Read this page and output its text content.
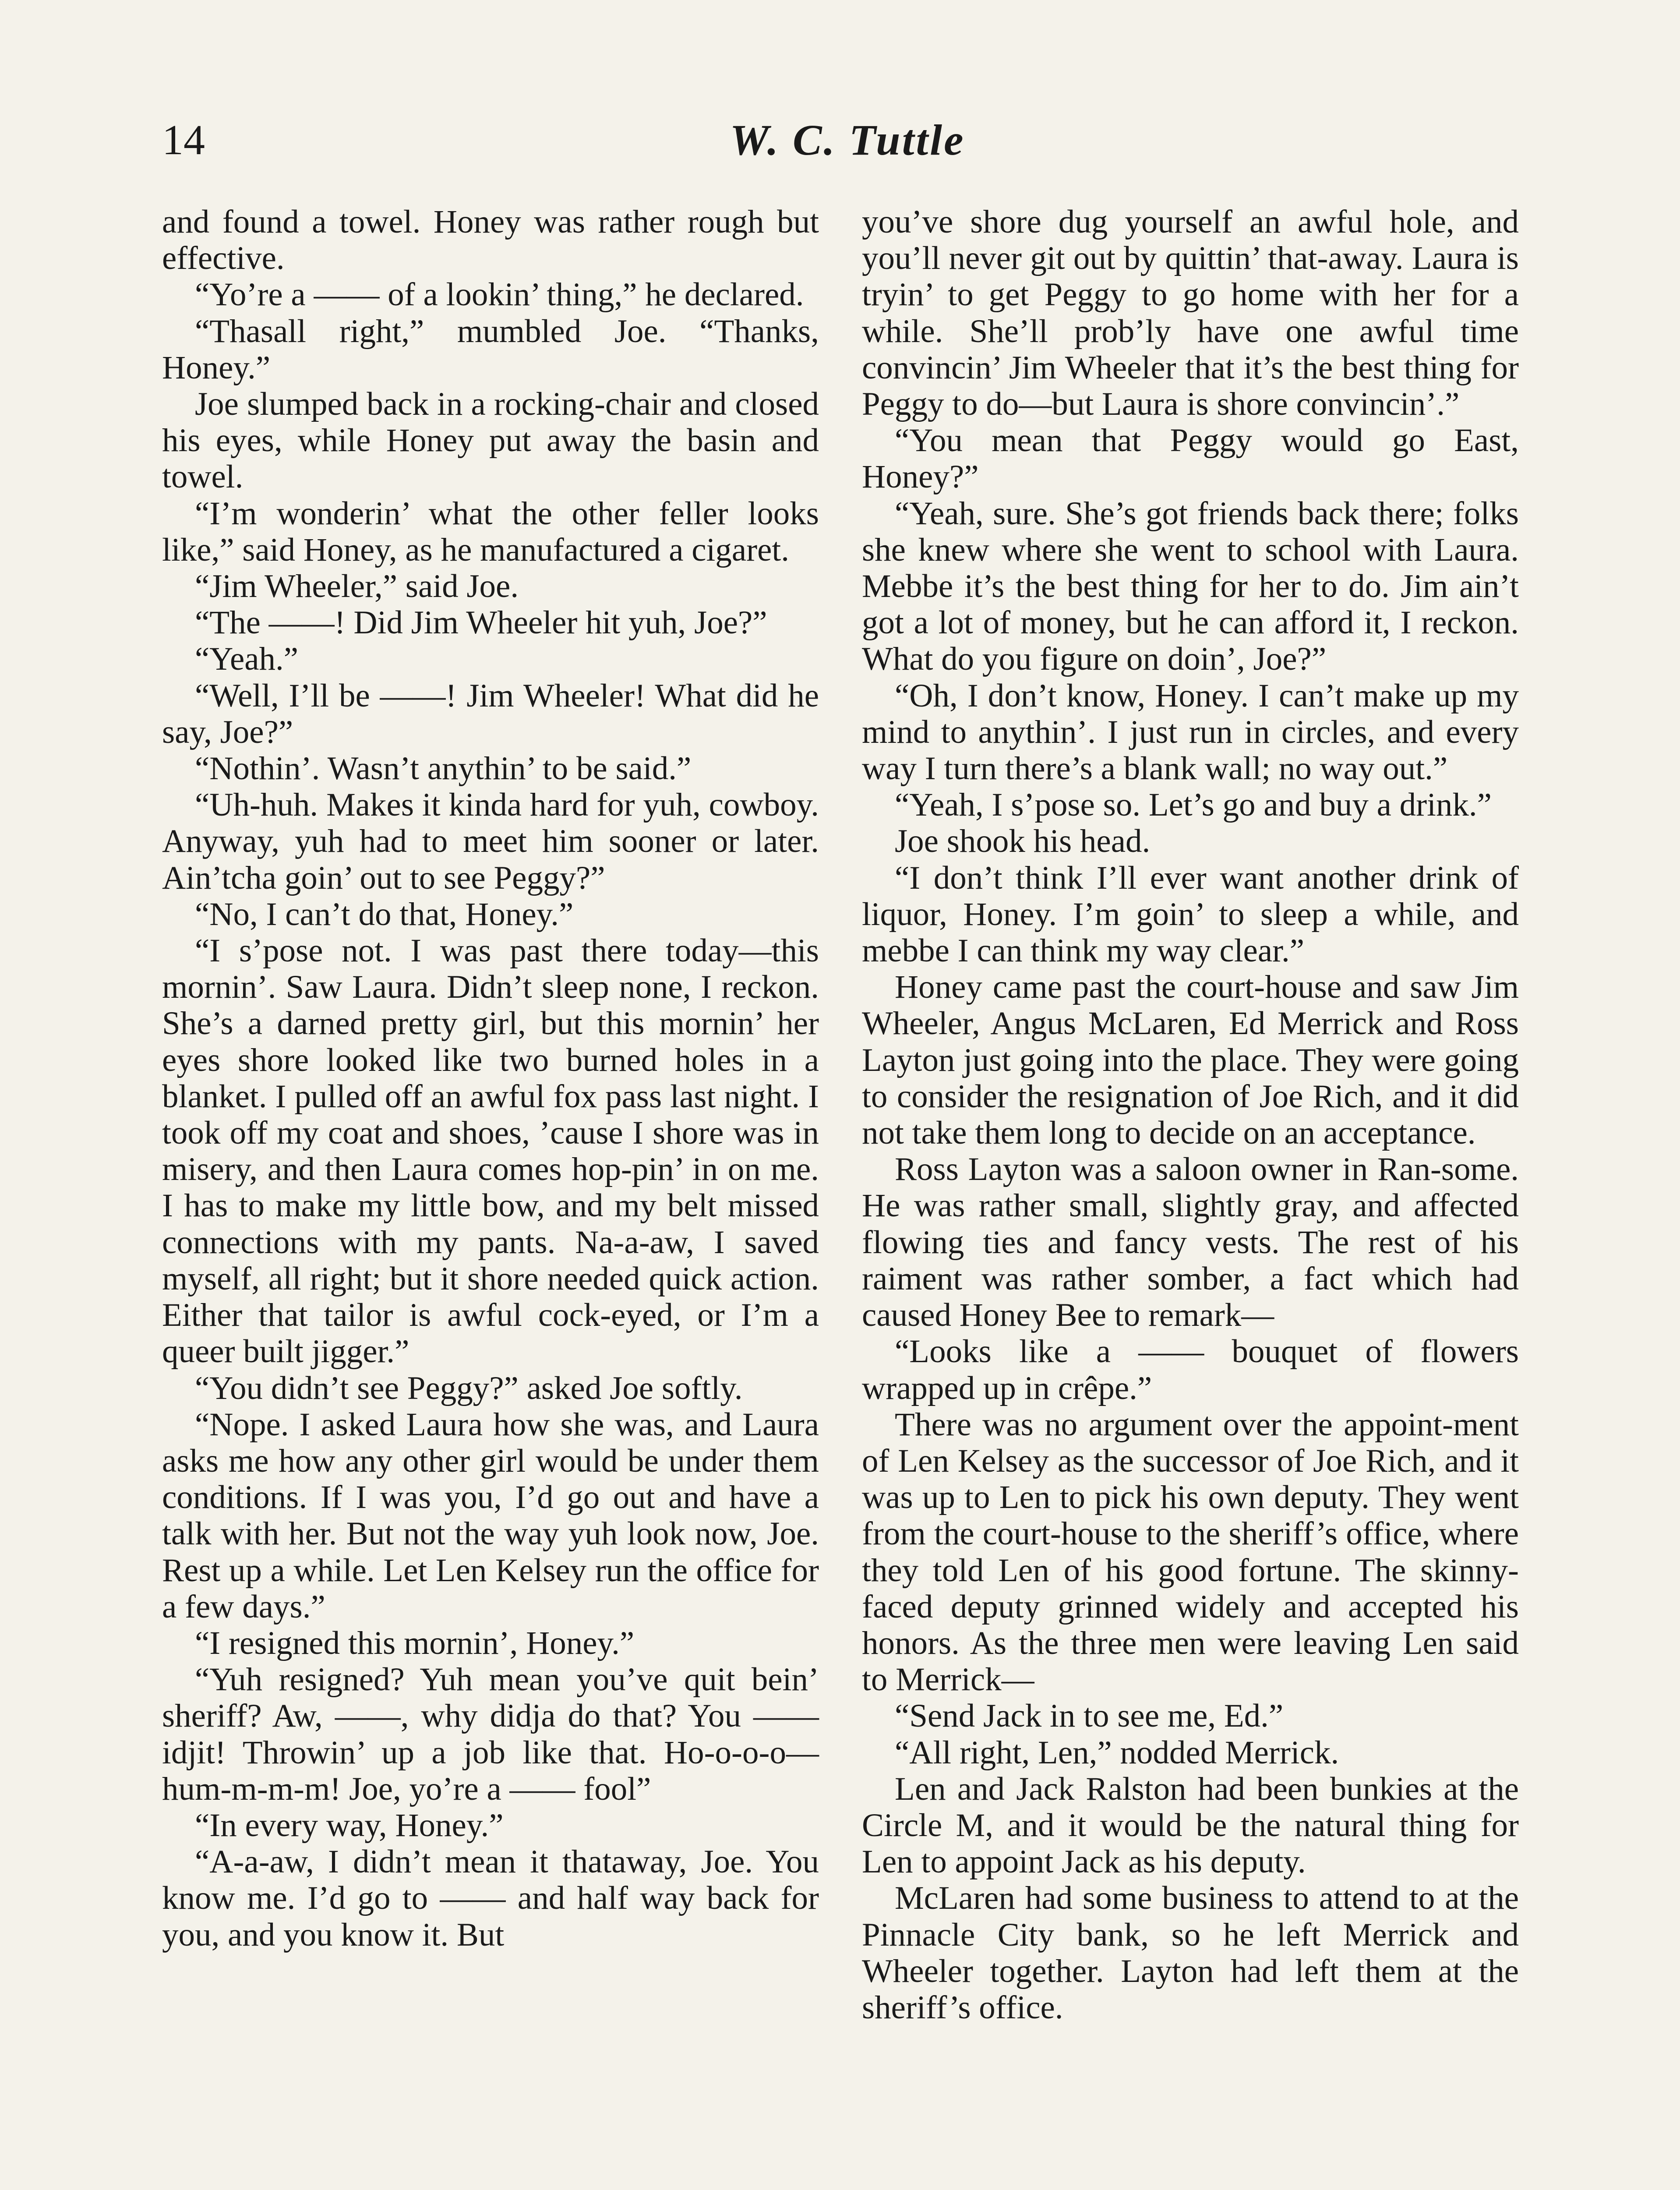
14	W. C. Tuttle

and found a towel. Honey was rather rough but effective.

“Yo’re a —— of a lookin’ thing,” he declared.

“Thasall right,” mumbled Joe. “Thanks, Honey.”

Joe slumped back in a rocking-chair and closed his eyes, while Honey put away the basin and towel.

“I’m wonderin’ what the other feller looks like,” said Honey, as he manufactured a cigaret.

“Jim Wheeler,” said Joe.

“The ——! Did Jim Wheeler hit yuh, Joe?”

“Yeah.”

“Well, I’ll be ——! Jim Wheeler! What did he say, Joe?”

“Nothin’. Wasn’t anythin’ to be said.”

“Uh-huh. Makes it kinda hard for yuh, cowboy. Anyway, yuh had to meet him sooner or later. Ain’tcha goin’ out to see Peggy?”

“No, I can’t do that, Honey.”

“I s’pose not. I was past there today—this mornin’. Saw Laura. Didn’t sleep none, I reckon. She’s a darned pretty girl, but this mornin’ her eyes shore looked like two burned holes in a blanket. I pulled off an awful fox pass last night. I took off my coat and shoes, ’cause I shore was in misery, and then Laura comes hop-pin’ in on me. I has to make my little bow, and my belt missed connections with my pants. Na-a-aw, I saved myself, all right; but it shore needed quick action. Either that tailor is awful cock-eyed, or I’m a queer built jigger.”

“You didn’t see Peggy?” asked Joe softly.

“Nope. I asked Laura how she was, and Laura asks me how any other girl would be under them conditions. If I was you, I’d go out and have a talk with her. But not the way yuh look now, Joe. Rest up a while. Let Len Kelsey run the office for a few days.”

“I resigned this mornin’, Honey.”

“Yuh resigned? Yuh mean you’ve quit bein’ sheriff? Aw, ——, why didja do that? You —— idjit! Throwin’ up a job like that. Ho-o-o-o—hum-m-m-m! Joe, yo’re a —— fool”

“In every way, Honey.”

“A-a-aw, I didn’t mean it thataway, Joe. You know me. I’d go to —— and half way back for you, and you know it. But

you’ve shore dug yourself an awful hole, and you’ll never git out by quittin’ that-away. Laura is tryin’ to get Peggy to go home with her for a while. She’ll prob’ly have one awful time convincin’ Jim Wheeler that it’s the best thing for Peggy to do—but Laura is shore convincin’.”

“You mean that Peggy would go East, Honey?”

“Yeah, sure. She’s got friends back there; folks she knew where she went to school with Laura. Mebbe it’s the best thing for her to do. Jim ain’t got a lot of money, but he can afford it, I reckon. What do you figure on doin’, Joe?”

“Oh, I don’t know, Honey. I can’t make up my mind to anythin’. I just run in circles, and every way I turn there’s a blank wall; no way out.”

“Yeah, I s’pose so. Let’s go and buy a drink.”

Joe shook his head.

“I don’t think I’ll ever want another drink of liquor, Honey. I’m goin’ to sleep a while, and mebbe I can think my way clear.”

Honey came past the court-house and saw Jim Wheeler, Angus McLaren, Ed Merrick and Ross Layton just going into the place. They were going to consider the resignation of Joe Rich, and it did not take them long to decide on an acceptance.

Ross Layton was a saloon owner in Ran-some. He was rather small, slightly gray, and affected flowing ties and fancy vests. The rest of his raiment was rather somber, a fact which had caused Honey Bee to remark—

“Looks like a —— bouquet of flowers wrapped up in crêpe.”

There was no argument over the appoint-ment of Len Kelsey as the successor of Joe Rich, and it was up to Len to pick his own deputy. They went from the court-house to the sheriff’s office, where they told Len of his good fortune. The skinny-faced deputy grinned widely and accepted his honors. As the three men were leaving Len said to Merrick—

“Send Jack in to see me, Ed.”

“All right, Len,” nodded Merrick.

Len and Jack Ralston had been bunkies at the Circle M, and it would be the natural thing for Len to appoint Jack as his deputy.

McLaren had some business to attend to at the Pinnacle City bank, so he left Merrick and Wheeler together. Layton had left them at the sheriff’s office.
